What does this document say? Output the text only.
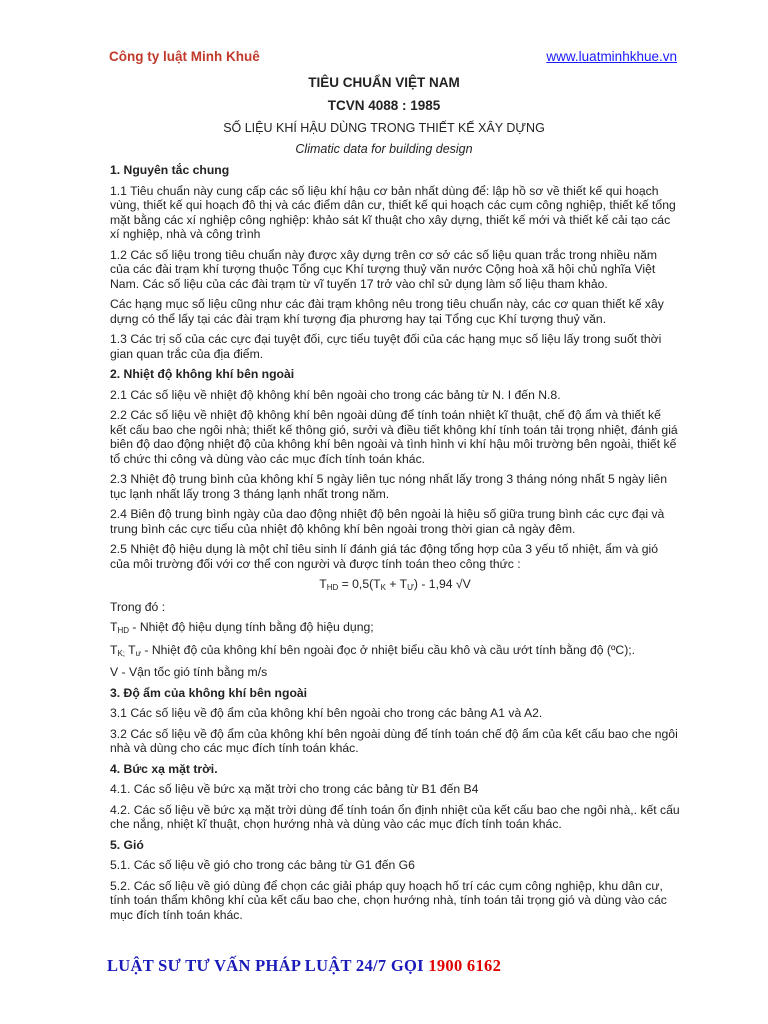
Công ty luật Minh Khuê	www.luatminhkhue.vn
TIÊU CHUẨN VIỆT NAM
TCVN 4088 : 1985
SỐ LIỆU KHÍ HẬU DÙNG TRONG THIẾT KẾ XÂY DỰNG
Climatic data for building design
1. Nguyên tắc chung

1.1 Tiêu chuẩn này cung cấp các số liệu khí hậu cơ bản nhất dùng để: lập hồ sơ về thiết kế qui hoạch vùng, thiết kế qui hoạch đô thị và các điểm dân cư, thiết kế qui hoạch các cụm công nghiệp, thiết kế tổng mặt bằng các xí nghiệp công nghiệp: khảo sát kĩ thuật cho xây dựng, thiết kế mới và thiết kế cải tạo các xí nghiệp, nhà và công trình

1.2 Các số liệu trong tiêu chuẩn này được xây dựng trên cơ sở các số liệu quan trắc trong nhiều năm của các đài trạm khí tượng thuộc Tổng cục Khí tượng thuỷ văn nước Cộng hoà xã hội chủ nghĩa Việt Nam. Các số liệu của các đài trạm từ vĩ tuyến 17 trở vào chỉ sử dụng làm số liệu tham khảo.

Các hạng mục số liệu cũng như các đài trạm không nêu trong tiêu chuẩn này, các cơ quan thiết kế xây dựng có thể lấy tại các đài trạm khí tượng địa phương hay tại Tổng cục Khí tượng thuỷ văn.

1.3 Các trị số của các cực đại tuyệt đối, cực tiểu tuyệt đối của các hạng mục số liệu lấy trong suốt thời gian quan trắc của địa điểm.

2. Nhiệt độ không khí bên ngoài

2.1 Các số liệu về nhiệt độ không khí bên ngoài cho trong các bảng từ N. I đến N.8.

2.2 Các số liệu về nhiệt độ không khí bên ngoài dùng để tính toán nhiệt kĩ thuật, chế độ ẩm và thiết kế kết cấu bao che ngôi nhà; thiết kế thông gió, sưởi và điều tiết không khí tính toán tải trọng nhiệt, đánh giá biên độ dao động nhiệt độ của không khí bên ngoài và tình hình vi khí hậu môi trường bên ngoài, thiết kế tổ chức thi công và dùng vào các mục đích tính toán khác.

2.3 Nhiệt độ trung bình của không khí 5 ngày liên tục nóng nhất lấy trong 3 tháng nóng nhất 5 ngày liên tục lạnh nhất lấy trong 3 tháng lạnh nhất trong năm.

2.4 Biên độ trung bình ngày của dao động nhiệt độ bên ngoài là hiệu số giữa trung bình các cực đại và trung bình các cực tiểu của nhiệt độ không khí bên ngoài trong thời gian cả ngày đêm.

2.5 Nhiệt độ hiệu dụng là một chỉ tiêu sinh lí đánh giá tác động tổng hợp của 3 yếu tố nhiệt, ẩm và gió của môi trường đối với cơ thể con người và được tính toán theo công thức :

THD = 0,5(TK + TƯ) - 1,94 √V

Trong đó :

THD - Nhiệt độ hiệu dụng tính bằng độ hiệu dụng;

TK; Tư - Nhiệt độ của không khí bên ngoài đọc ở nhiệt biểu cầu khô và cầu ướt tính bằng độ (ºC);.

V - Vận tốc gió tính bằng m/s

3. Độ ẩm của không khí bên ngoài

3.1 Các số liệu về độ ẩm của không khí bên ngoài cho trong các bảng A1 và A2.

3.2 Các số liệu về độ ẩm của không khí bên ngoài dùng để tính toán chế độ ẩm của kết cấu bao che ngôi nhà và dùng cho các mục đích tính toán khác.

4. Bức xạ mặt trời.

4.1. Các số liệu về bức xạ mặt trời cho trong các bảng từ B1 đến B4

4.2. Các số liệu về bức xạ mặt trời dùng để tính toán ổn định nhiệt của kết cấu bao che ngôi nhà,. kết cấu che nắng, nhiệt kĩ thuật, chọn hướng nhà và dùng vào các mục đích tính toán khác.

5. Gió

5.1. Các số liệu về gió cho trong các bảng từ G1 đến G6

5.2. Các số liệu về gió dùng để chọn các giải pháp quy hoạch hố trí các cụm công nghiệp, khu dân cư, tính toán thẩm không khí của kết cấu bao che, chọn hướng nhà, tính toán tải trọng gió và dùng vào các mục đích tính toán khác.

LUẬT SƯ TƯ VẤN PHÁP LUẬT 24/7 GỌI 1900 6162
